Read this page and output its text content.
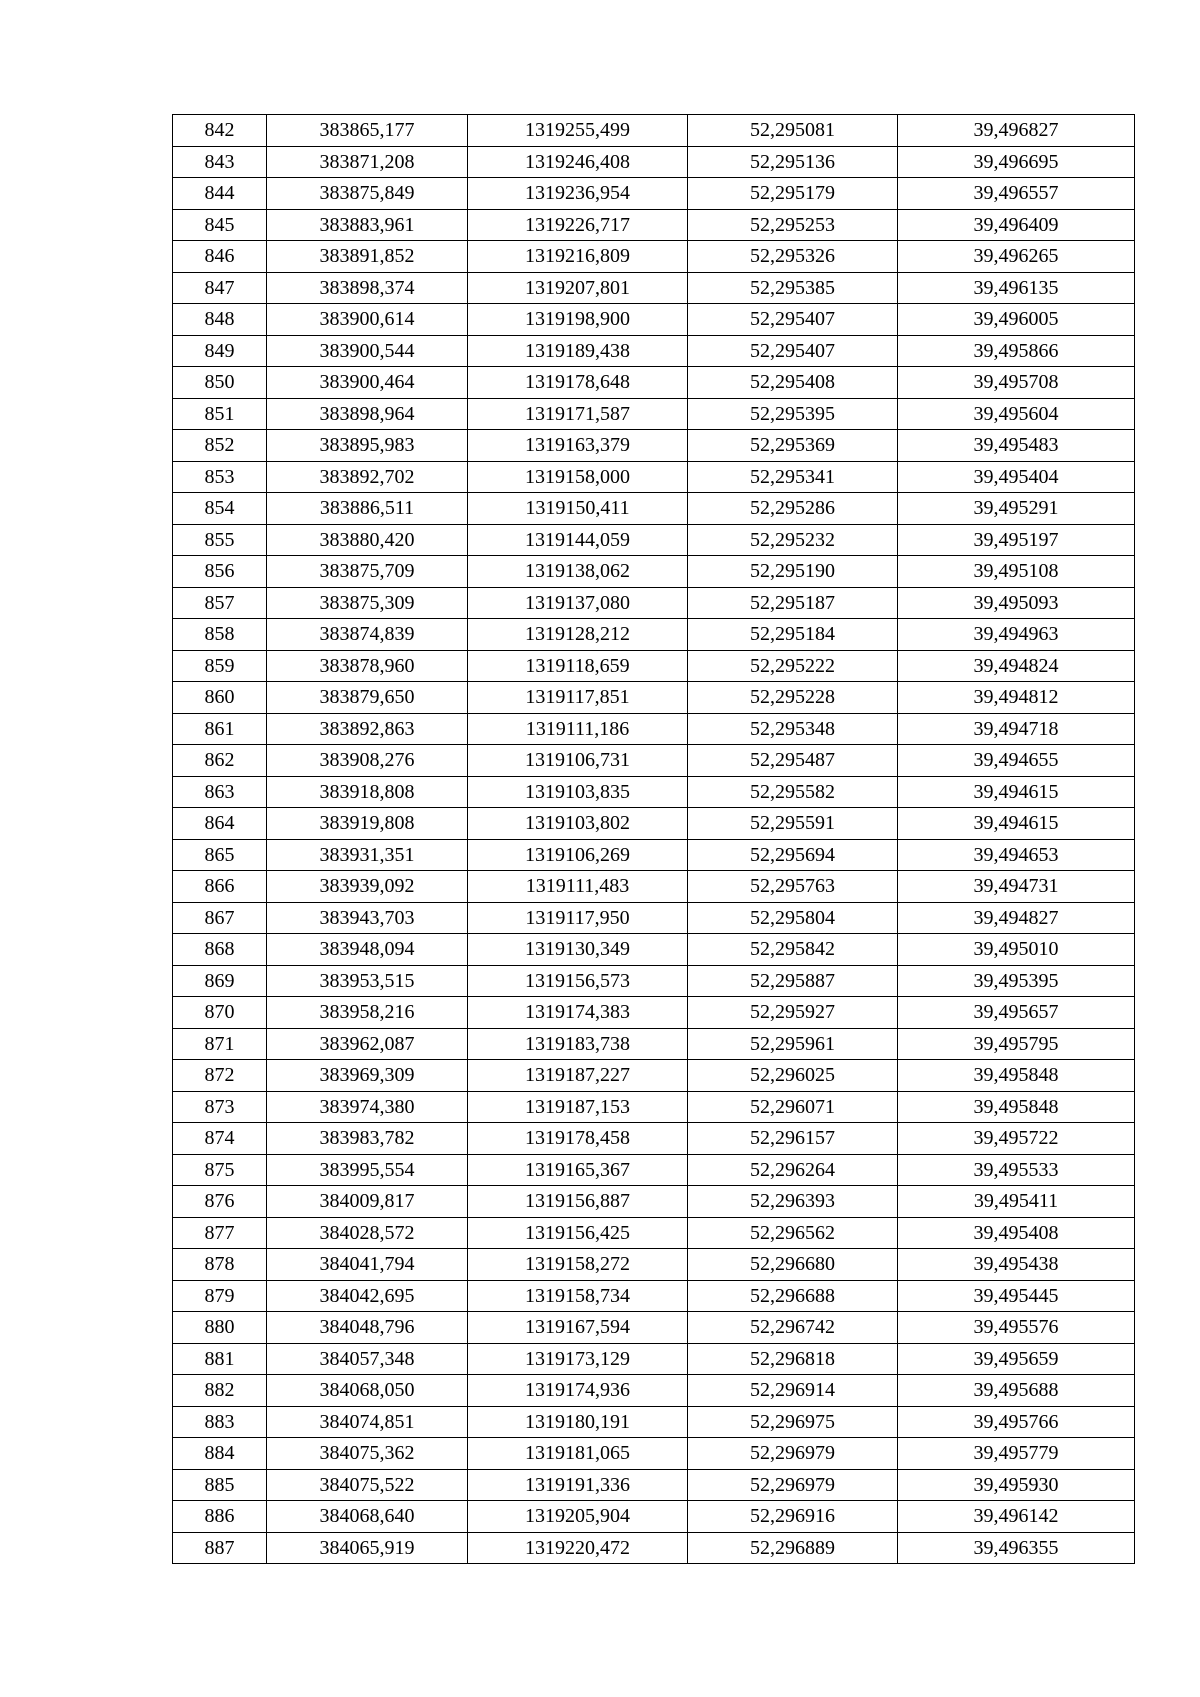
842	383865,177	1319255,499	52,295081	39,496827
843	383871,208	1319246,408	52,295136	39,496695
844	383875,849	1319236,954	52,295179	39,496557
845	383883,961	1319226,717	52,295253	39,496409
846	383891,852	1319216,809	52,295326	39,496265
847	383898,374	1319207,801	52,295385	39,496135
848	383900,614	1319198,900	52,295407	39,496005
849	383900,544	1319189,438	52,295407	39,495866
850	383900,464	1319178,648	52,295408	39,495708
851	383898,964	1319171,587	52,295395	39,495604
852	383895,983	1319163,379	52,295369	39,495483
853	383892,702	1319158,000	52,295341	39,495404
854	383886,511	1319150,411	52,295286	39,495291
855	383880,420	1319144,059	52,295232	39,495197
856	383875,709	1319138,062	52,295190	39,495108
857	383875,309	1319137,080	52,295187	39,495093
858	383874,839	1319128,212	52,295184	39,494963
859	383878,960	1319118,659	52,295222	39,494824
860	383879,650	1319117,851	52,295228	39,494812
861	383892,863	1319111,186	52,295348	39,494718
862	383908,276	1319106,731	52,295487	39,494655
863	383918,808	1319103,835	52,295582	39,494615
864	383919,808	1319103,802	52,295591	39,494615
865	383931,351	1319106,269	52,295694	39,494653
866	383939,092	1319111,483	52,295763	39,494731
867	383943,703	1319117,950	52,295804	39,494827
868	383948,094	1319130,349	52,295842	39,495010
869	383953,515	1319156,573	52,295887	39,495395
870	383958,216	1319174,383	52,295927	39,495657
871	383962,087	1319183,738	52,295961	39,495795
872	383969,309	1319187,227	52,296025	39,495848
873	383974,380	1319187,153	52,296071	39,495848
874	383983,782	1319178,458	52,296157	39,495722
875	383995,554	1319165,367	52,296264	39,495533
876	384009,817	1319156,887	52,296393	39,495411
877	384028,572	1319156,425	52,296562	39,495408
878	384041,794	1319158,272	52,296680	39,495438
879	384042,695	1319158,734	52,296688	39,495445
880	384048,796	1319167,594	52,296742	39,495576
881	384057,348	1319173,129	52,296818	39,495659
882	384068,050	1319174,936	52,296914	39,495688
883	384074,851	1319180,191	52,296975	39,495766
884	384075,362	1319181,065	52,296979	39,495779
885	384075,522	1319191,336	52,296979	39,495930
886	384068,640	1319205,904	52,296916	39,496142
887	384065,919	1319220,472	52,296889	39,496355
